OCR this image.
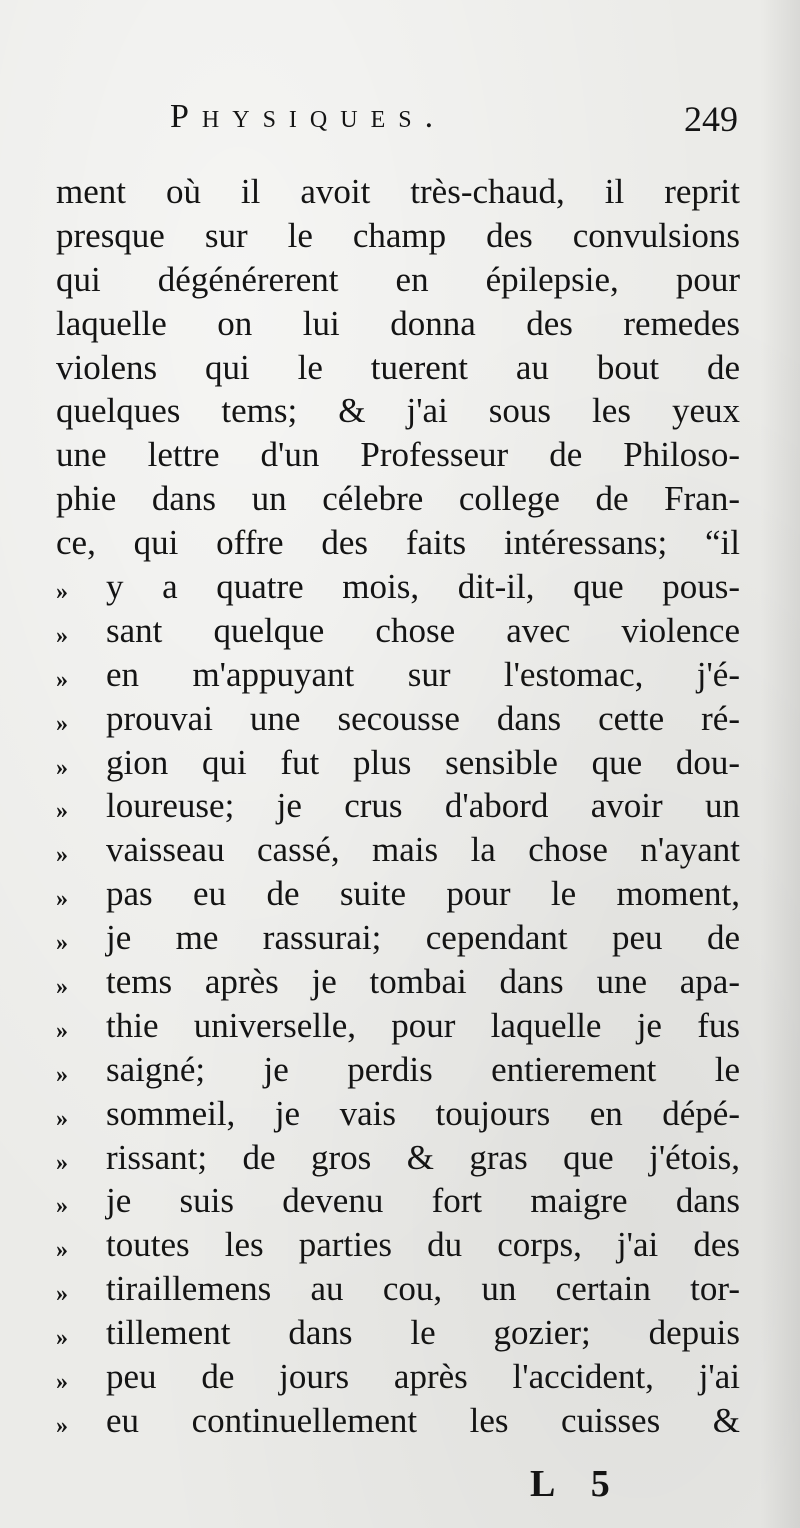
Physiques.	249
ment où il avoit très-chaud, il reprit
presque sur le champ des convulsions
qui dégénérerent en épilepsie, pour
laquelle on lui donna des remedes
violens qui le tuerent au bout de
quelques tems; & j'ai sous les yeux
une lettre d'un Professeur de Philoso-
phie dans un célebre college de Fran-
ce, qui offre des faits intéressans; “il
» y a quatre mois, dit-il, que pous-
» sant quelque chose avec violence
» en m'appuyant sur l'estomac, j'é-
» prouvai une secousse dans cette ré-
» gion qui fut plus sensible que dou-
» loureuse; je crus d'abord avoir un
» vaisseau cassé, mais la chose n'ayant
» pas eu de suite pour le moment,
» je me rassurai; cependant peu de
» tems après je tombai dans une apa-
» thie universelle, pour laquelle je fus
» saigné; je perdis entierement le
» sommeil, je vais toujours en dépé-
» rissant; de gros & gras que j'étois,
» je suis devenu fort maigre dans
» toutes les parties du corps, j'ai des
» tiraillemens au cou, un certain tor-
» tillement dans le gozier; depuis
» peu de jours après l'accident, j'ai
» eu continuellement les cuisses &
L 5
